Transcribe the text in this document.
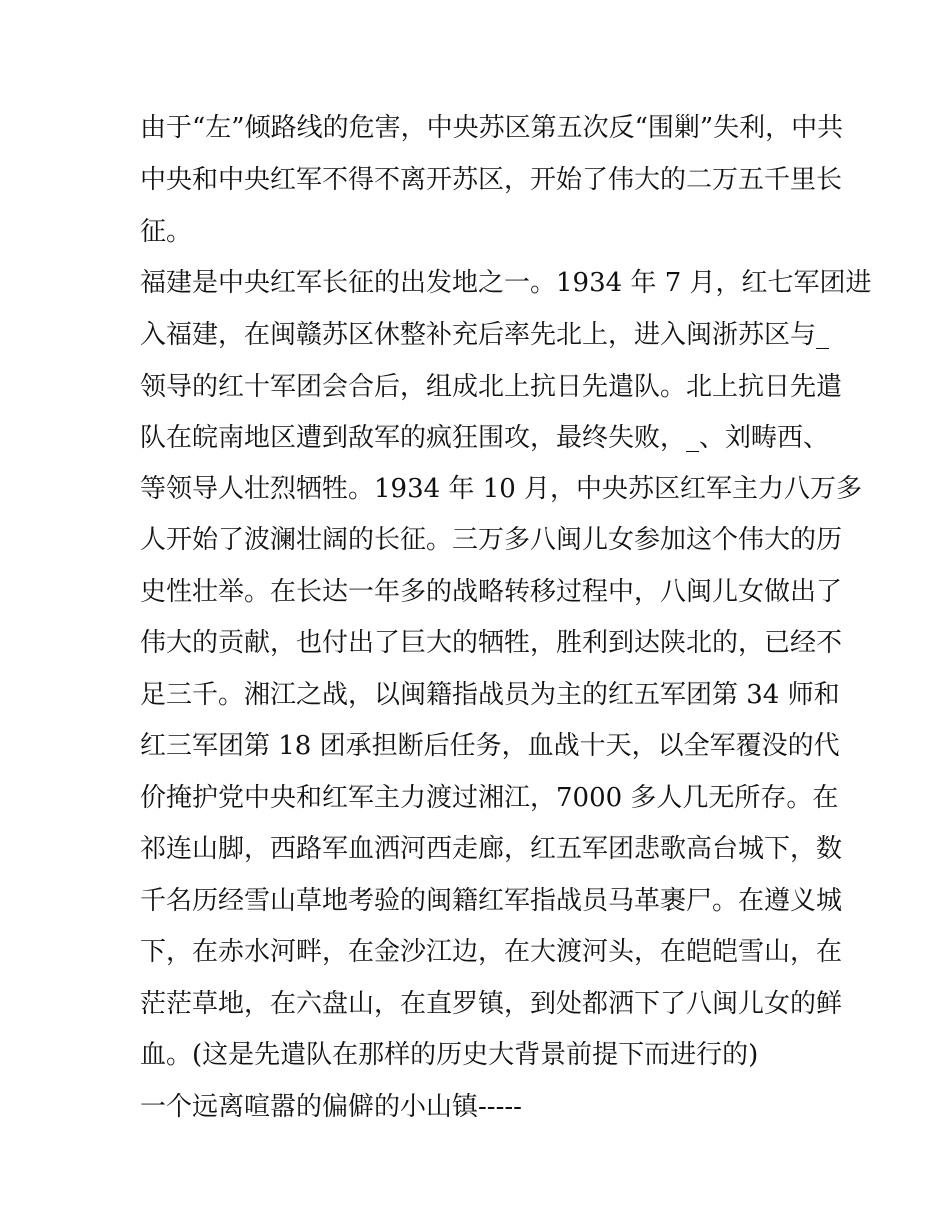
由于“左”倾路线的危害，中央苏区第五次反“围剿”失利，中共
中央和中央红军不得不离开苏区，开始了伟大的二万五千里长
征。
福建是中央红军长征的出发地之一。1934 年 7 月，红七军团进
入福建，在闽赣苏区休整补充后率先北上，进入闽浙苏区与_
领导的红十军团会合后，组成北上抗日先遣队。北上抗日先遣
队在皖南地区遭到敌军的疯狂围攻，最终失败，_、刘畴西、
等领导人壮烈牺牲。1934 年 10 月，中央苏区红军主力八万多
人开始了波澜壮阔的长征。三万多八闽儿女参加这个伟大的历
史性壮举。在长达一年多的战略转移过程中，八闽儿女做出了
伟大的贡献，也付出了巨大的牺牲，胜利到达陕北的，已经不
足三千。湘江之战，以闽籍指战员为主的红五军团第 34 师和
红三军团第 18 团承担断后任务，血战十天，以全军覆没的代
价掩护党中央和红军主力渡过湘江，7000 多人几无所存。在
祁连山脚，西路军血洒河西走廊，红五军团悲歌高台城下，数
千名历经雪山草地考验的闽籍红军指战员马革裹尸。在遵义城
下，在赤水河畔，在金沙江边，在大渡河头，在皑皑雪山，在
茫茫草地，在六盘山，在直罗镇，到处都洒下了八闽儿女的鲜
血。(这是先遣队在那样的历史大背景前提下而进行的)
一个远离喧嚣的偏僻的小山镇-----
